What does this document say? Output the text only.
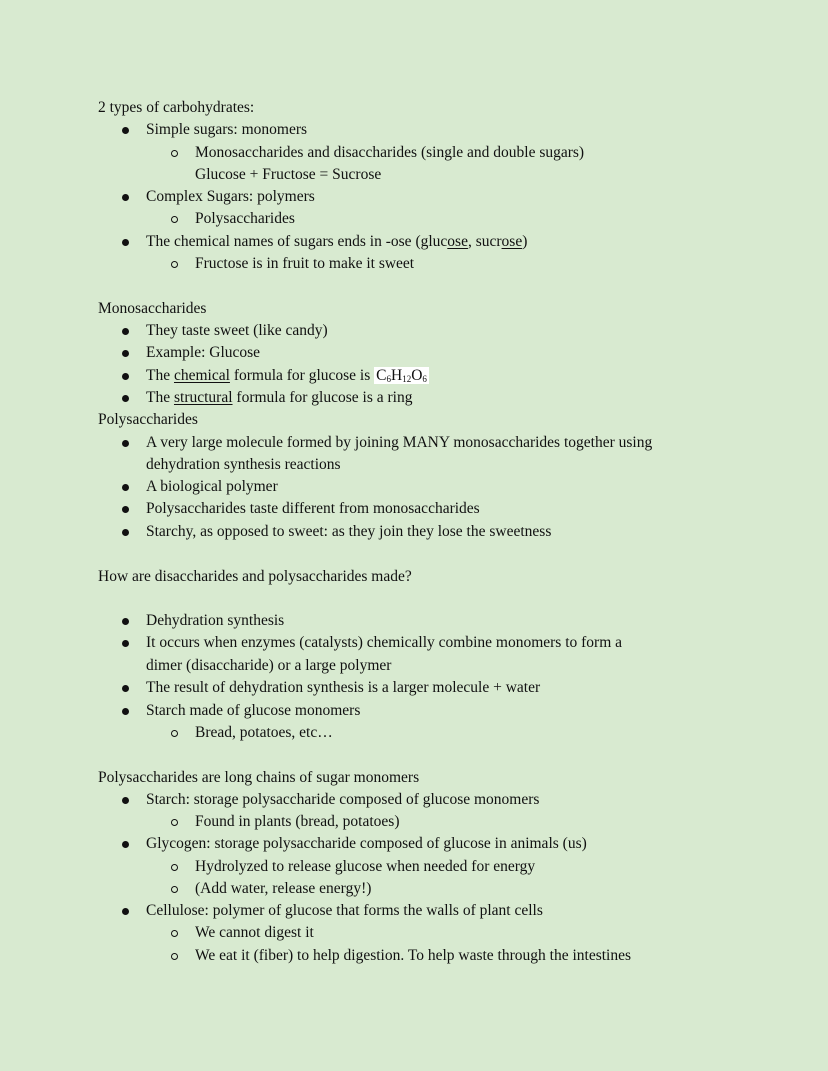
2 types of carbohydrates:
Simple sugars: monomers
Monosaccharides and disaccharides (single and double sugars)
Glucose + Fructose = Sucrose
Complex Sugars: polymers
Polysaccharides
The chemical names of sugars ends in -ose (glucose, sucrose)
Fructose is in fruit to make it sweet
Monosaccharides
They taste sweet (like candy)
Example: Glucose
The chemical formula for glucose is $C_6H_{12}O_6$
The structural formula for glucose is a ring
Polysaccharides
A very large molecule formed by joining MANY monosaccharides together using
dehydration synthesis reactions
A biological polymer
Polysaccharides taste different from monosaccharides
Starchy, as opposed to sweet: as they join they lose the sweetness
How are disaccharides and polysaccharides made?
Dehydration synthesis
It occurs when enzymes (catalysts) chemically combine monomers to form a
dimer (disaccharide) or a large polymer
The result of dehydration synthesis is a larger molecule + water
Starch made of glucose monomers
Bread, potatoes, etc…
Polysaccharides are long chains of sugar monomers
Starch: storage polysaccharide composed of glucose monomers
Found in plants (bread, potatoes)
Glycogen: storage polysaccharide composed of glucose in animals (us)
Hydrolyzed to release glucose when needed for energy
(Add water, release energy!)
Cellulose: polymer of glucose that forms the walls of plant cells
We cannot digest it
We eat it (fiber) to help digestion. To help waste through the intestines
